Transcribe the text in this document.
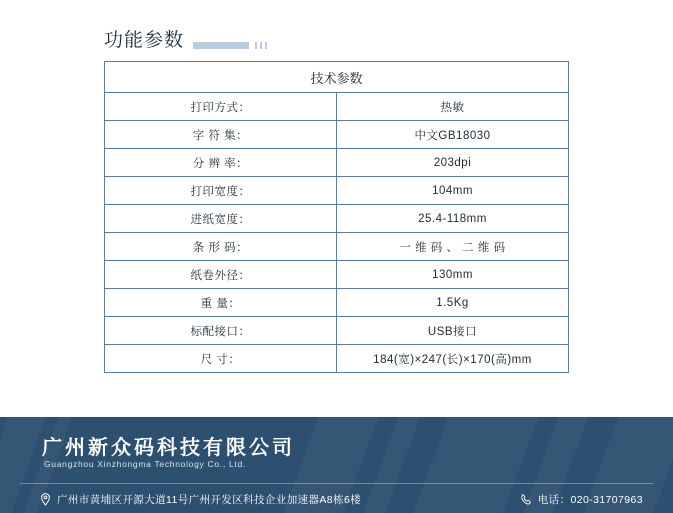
功能参数
技术参数	
打印方式：	热敏
字 符 集：	中文GB18030
分 辨 率：	203dpi
打印宽度：	104mm
进纸宽度：	25.4-118mm
条 形 码：	一 维 码 、 二 维 码
纸卷外径：	130mm
重 量：	1.5Kg
标配接口：	USB接口
尺 寸：	184(宽)×247(长)×170(高)mm
广州新众码科技有限公司
Guangzhou Xinzhongma Technology Co., Ltd.
广州市黄埔区开源大道11号广州开发区科技企业加速器A8栋6楼	电话：020-31707963
